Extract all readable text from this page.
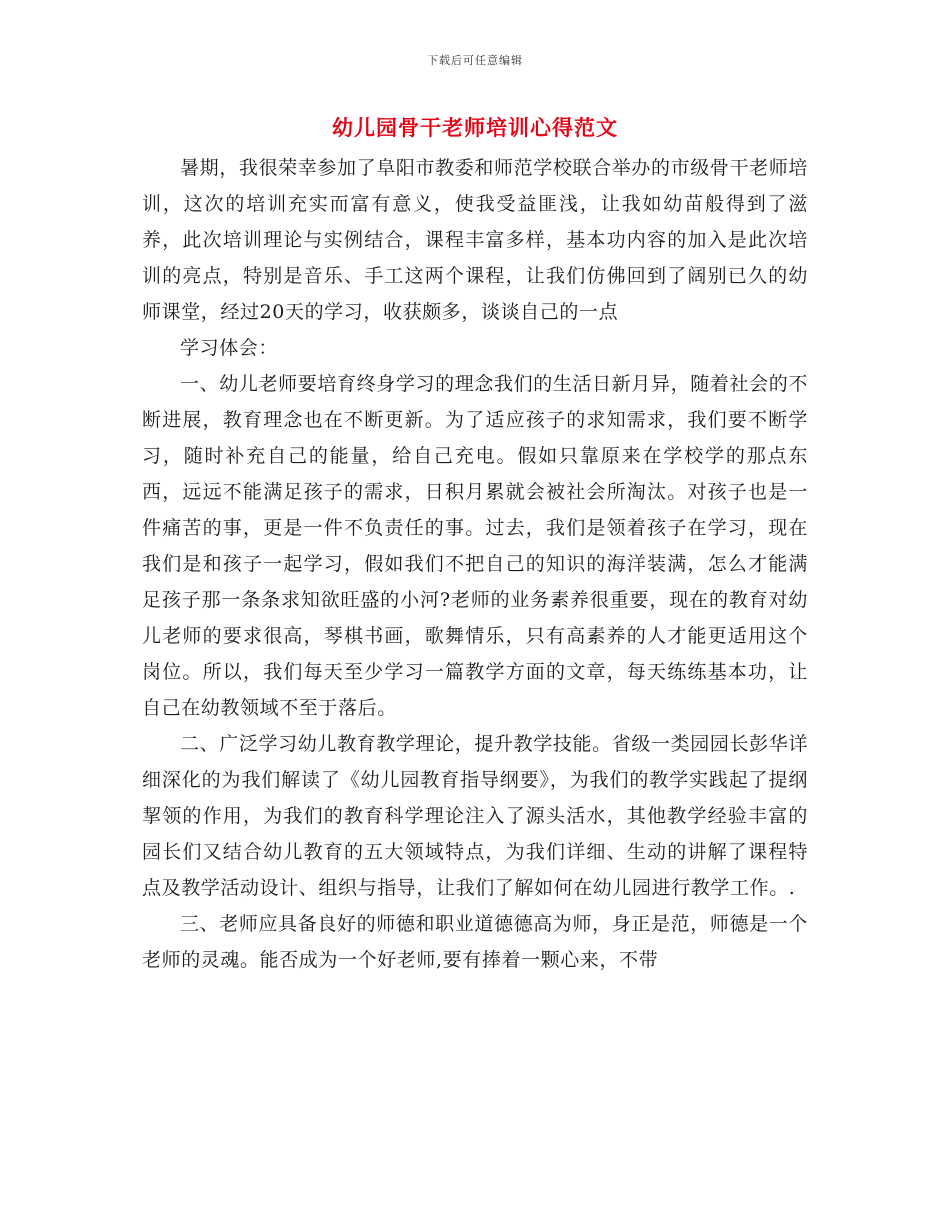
下载后可任意编辑
幼儿园骨干老师培训心得范文

暑期，我很荣幸参加了阜阳市教委和师范学校联合举办的市级骨干老师培训，这次的培训充实而富有意义，使我受益匪浅，让我如幼苗般得到了滋养，此次培训理论与实例结合，课程丰富多样，基本功内容的加入是此次培训的亮点，特别是音乐、手工这两个课程，让我们仿佛回到了阔别已久的幼师课堂，经过20天的学习，收获颇多，谈谈自己的一点

学习体会：

一、幼儿老师要培育终身学习的理念我们的生活日新月异，随着社会的不断进展，教育理念也在不断更新。为了适应孩子的求知需求，我们要不断学习，随时补充自己的能量，给自己充电。假如只靠原来在学校学的那点东西，远远不能满足孩子的需求，日积月累就会被社会所淘汰。对孩子也是一件痛苦的事，更是一件不负责任的事。过去，我们是领着孩子在学习，现在我们是和孩子一起学习，假如我们不把自己的知识的海洋装满，怎么才能满足孩子那一条条求知欲旺盛的小河?老师的业务素养很重要，现在的教育对幼儿老师的要求很高，琴棋书画，歌舞情乐，只有高素养的人才能更适用这个岗位。所以，我们每天至少学习一篇教学方面的文章，每天练练基本功，让自己在幼教领域不至于落后。

二、广泛学习幼儿教育教学理论，提升教学技能。省级一类园园长彭华详细深化的为我们解读了《幼儿园教育指导纲要》，为我们的教学实践起了提纲挈领的作用，为我们的教育科学理论注入了源头活水，其他教学经验丰富的园长们又结合幼儿教育的五大领域特点，为我们详细、生动的讲解了课程特点及教学活动设计、组织与指导，让我们了解如何在幼儿园进行教学工作。.

三、老师应具备良好的师德和职业道德德高为师，身正是范，师德是一个老师的灵魂。能否成为一个好老师,要有捧着一颗心来，不带
